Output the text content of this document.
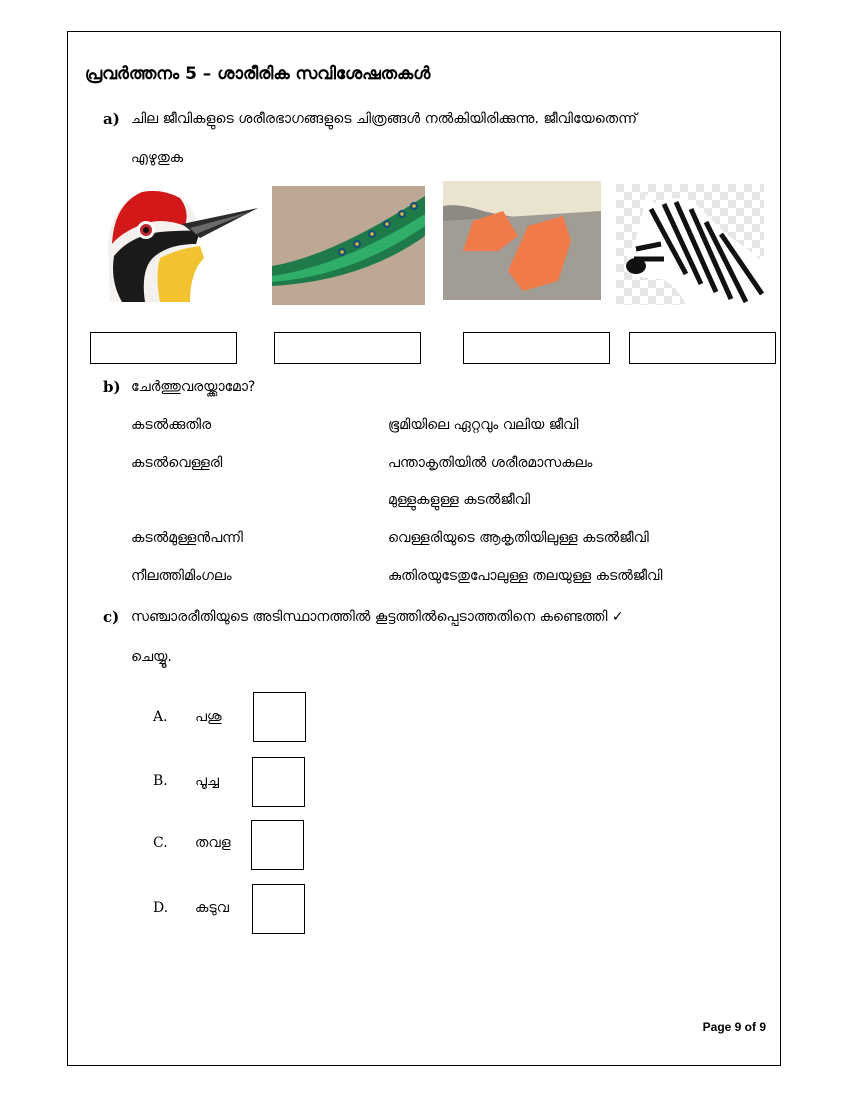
പ്രവർത്തനം 5 – ശാരീരിക സവിശേഷതകൾ
a) ചില ജീവികളുടെ ശരീരഭാഗങ്ങളുടെ ചിത്രങ്ങൾ നൽകിയിരിക്കുന്നു. ജീവിയേതെന്ന്
എഴുതുക
b) ചേർത്തുവരയ്ക്കാമോ?
കടൽക്കുതിര
കടൽവെള്ളരി
കടൽമുള്ളൻപന്നി
നീലത്തിമിംഗലം
ഭൂമിയിലെ ഏറ്റവും വലിയ ജീവി
പന്താകൃതിയിൽ ശരീരമാസകലം
മുള്ളുകളുള്ള കടൽജീവി
വെള്ളരിയുടെ ആകൃതിയിലുള്ള കടൽജീവി
കുതിരയുടേതുപോലുള്ള തലയുള്ള കടൽജീവി
c) സഞ്ചാരരീതിയുടെ അടിസ്ഥാനത്തിൽ കൂട്ടത്തിൽപ്പെടാത്തതിനെ കണ്ടെത്തി ✓
ചെയ്യൂ.
A. പശു
B. പൂച്ച
C. തവള
D. കടുവ
Page 9 of 9
